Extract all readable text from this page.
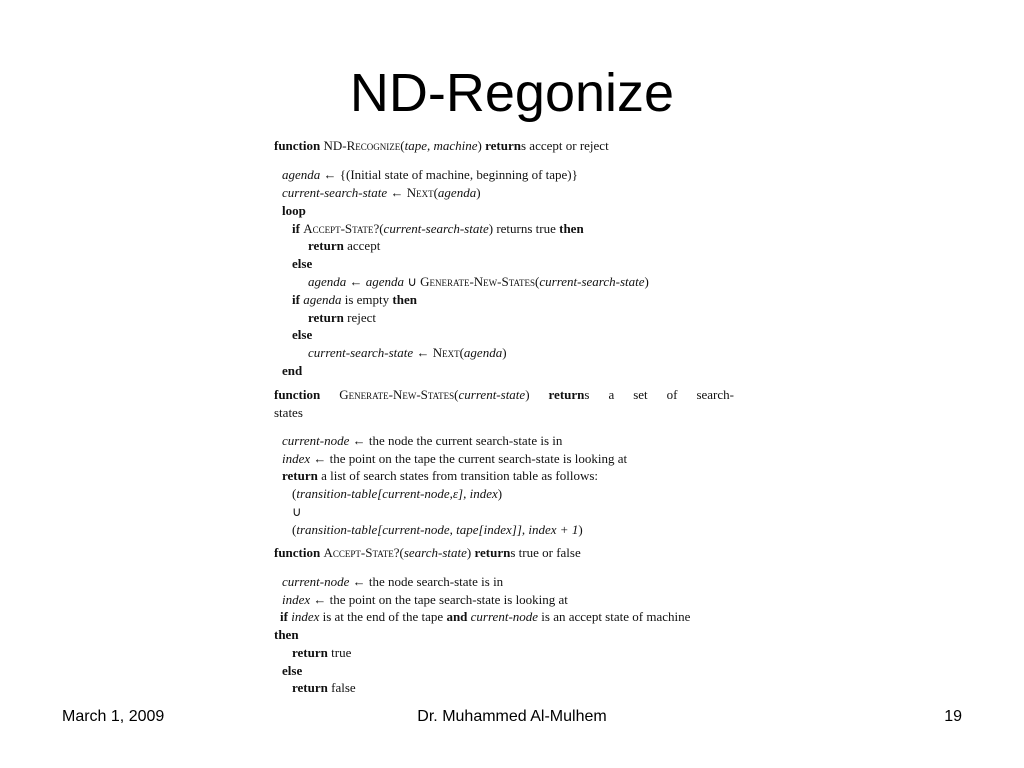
ND-Regonize
function ND-Recognize(tape, machine) returns accept or reject
agenda ← {(Initial state of machine, beginning of tape)}
current-search-state ← Next(agenda)
loop
if Accept-State?(current-search-state) returns true then
return accept
else
agenda ← agenda ∪ Generate-New-States(current-search-state)
if agenda is empty then
return reject
else
current-search-state ← Next(agenda)
end
function Generate-New-States(current-state) returns a set of search-
states
current-node ← the node the current search-state is in
index ← the point on the tape the current search-state is looking at
return a list of search states from transition table as follows:
(transition-table[current-node,ε], index)
∪
(transition-table[current-node, tape[index]], index + 1)
function Accept-State?(search-state) returns true or false
current-node ← the node search-state is in
index ← the point on the tape search-state is looking at
if index is at the end of the tape and current-node is an accept state of machine
then
return true
else
return false
March 1, 2009	Dr. Muhammed Al-Mulhem	19
